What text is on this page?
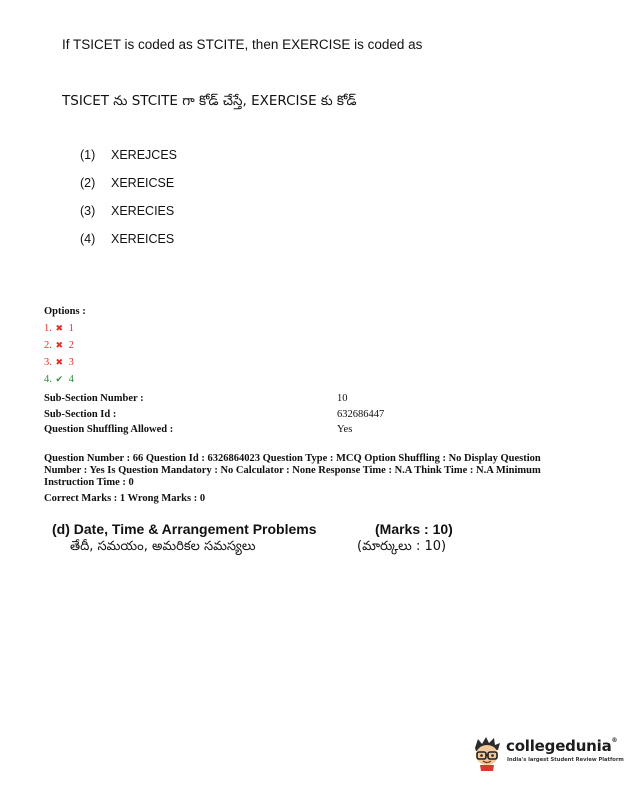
If TSICET is coded as STCITE, then EXERCISE is coded as
TSICET ను STCITE గా కోడ్ చేస్తే, EXERCISE కు కోడ్
(1) XEREJCES
(2) XEREICSE
(3) XERECIES
(4) XEREICES
Options :
1. ✖ 1
2. ✖ 2
3. ✖ 3
4. ✔ 4
Sub-Section Number :	10
Sub-Section Id :	632686447
Question Shuffling Allowed :	Yes
Question Number : 66 Question Id : 6326864023 Question Type : MCQ Option Shuffling : No Display Question Number : Yes Is Question Mandatory : No Calculator : None Response Time : N.A Think Time : N.A Minimum Instruction Time : 0
Correct Marks : 1 Wrong Marks : 0
(d) Date, Time & Arrangement Problems	(Marks : 10)
తేదీ, సమయం, అమరికల సమస్యలు	(మార్కులు : 10)
collegedunia®
India's largest Student Review Platform
